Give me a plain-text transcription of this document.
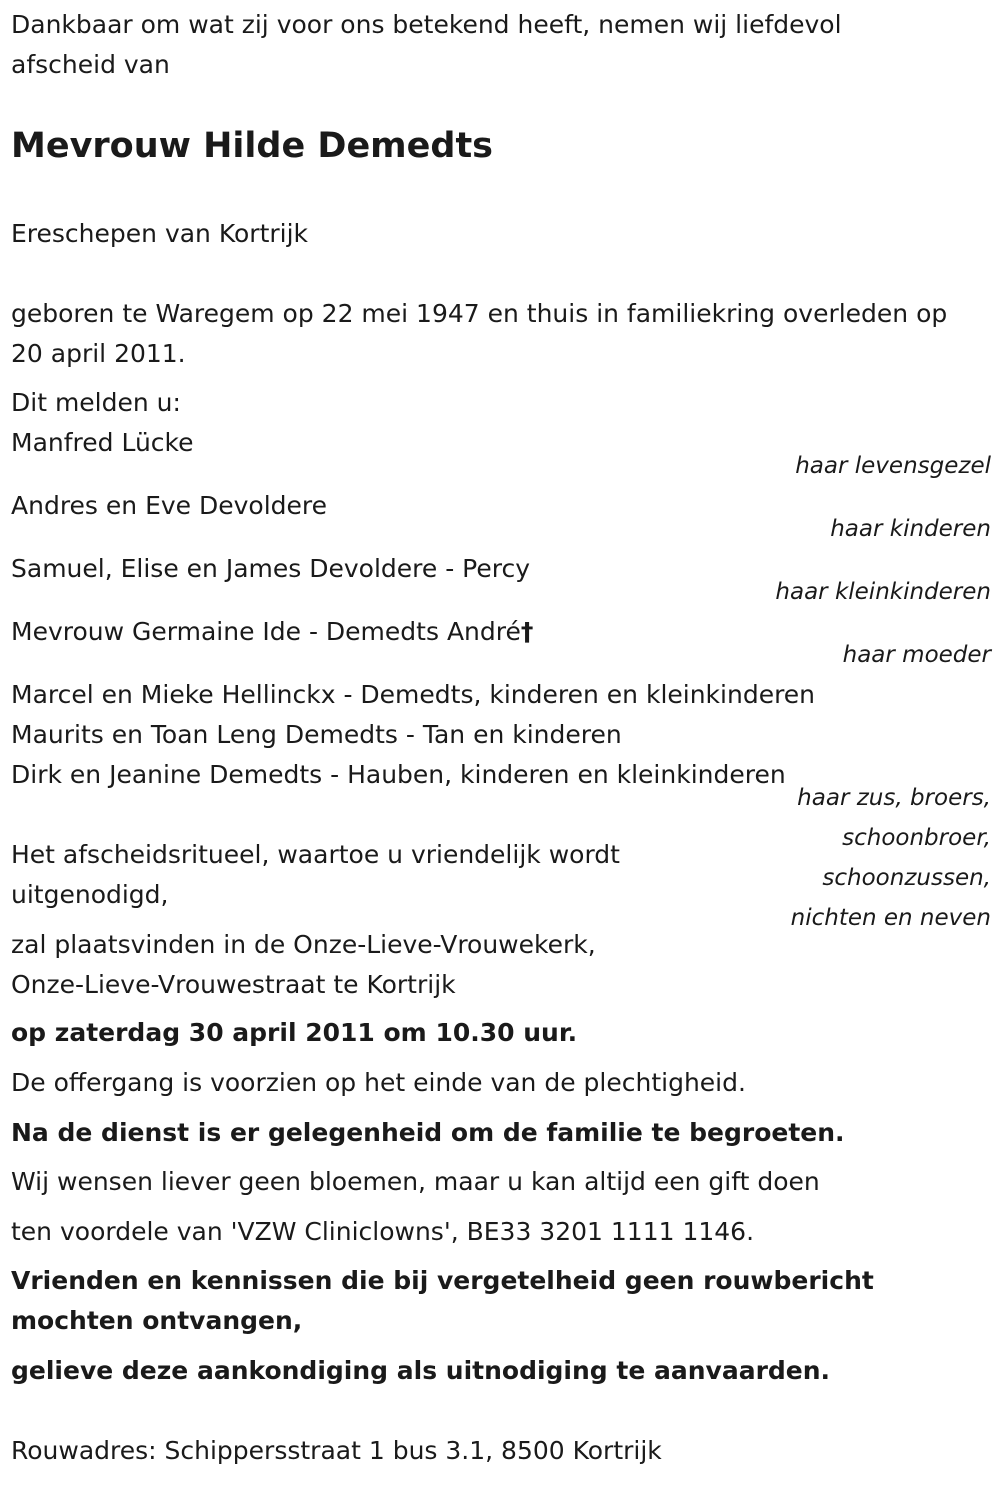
Dankbaar om wat zij voor ons betekend heeft, nemen wij liefdevol afscheid van

Mevrouw Hilde Demedts

Ereschepen van Kortrijk

geboren te Waregem op 22 mei 1947 en thuis in familiekring overleden op 20 april 2011.

Dit melden u:

Manfred Lücke

haar levensgezel

Andres en Eve Devoldere

haar kinderen

Samuel, Elise en James Devoldere - Percy

haar kleinkinderen

Mevrouw Germaine Ide - Demedts André†

haar moeder

Marcel en Mieke Hellinckx - Demedts, kinderen en kleinkinderen

Maurits en Toan Leng Demedts - Tan en kinderen

Dirk en Jeanine Demedts - Hauben, kinderen en kleinkinderen

haar zus, broers, schoonbroer, schoonzussen, nichten en neven

Het afscheidsritueel, waartoe u vriendelijk wordt uitgenodigd,

zal plaatsvinden in de Onze-Lieve-Vrouwekerk, Onze-Lieve-Vrouwestraat te Kortrijk

op zaterdag 30 april 2011 om 10.30 uur.

De offergang is voorzien op het einde van de plechtigheid.

Na de dienst is er gelegenheid om de familie te begroeten.

Wij wensen liever geen bloemen, maar u kan altijd een gift doen

ten voordele van 'VZW Cliniclowns', BE33 3201 1111 1146.

Vrienden en kennissen die bij vergetelheid geen rouwbericht mochten ontvangen,

gelieve deze aankondiging als uitnodiging te aanvaarden.

Rouwadres: Schippersstraat 1 bus 3.1, 8500 Kortrijk
